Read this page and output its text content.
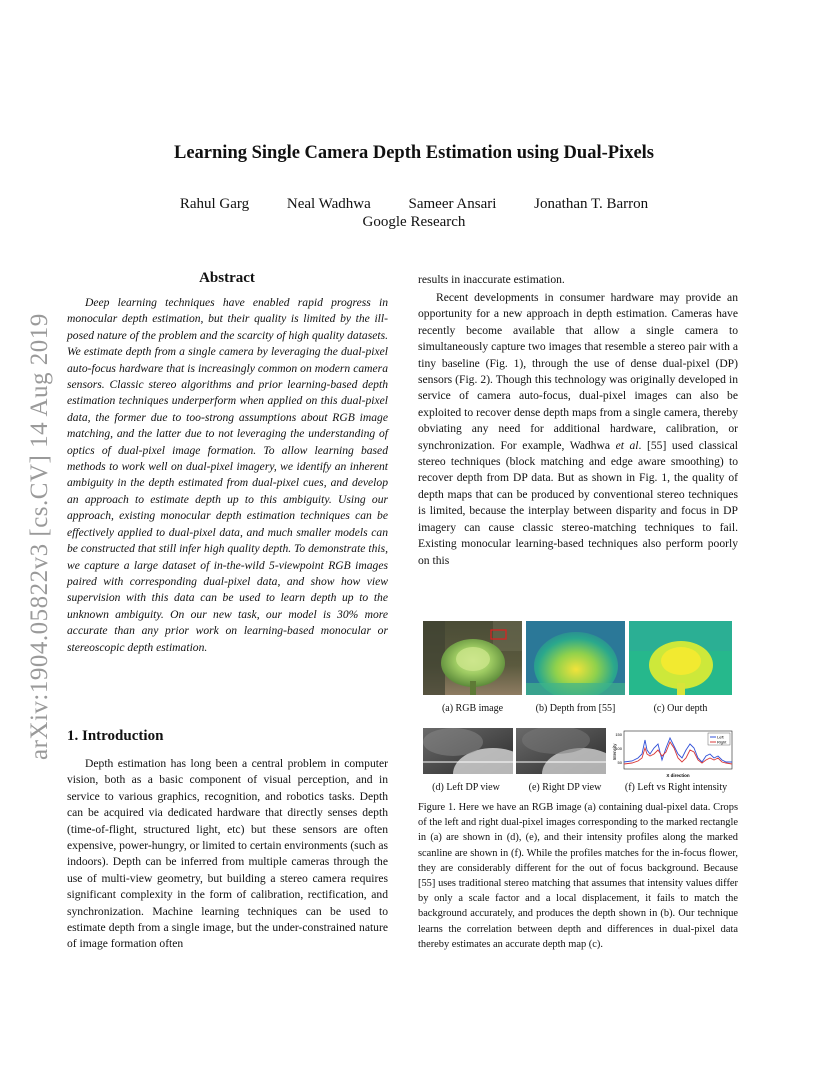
arXiv:1904.05822v3 [cs.CV] 14 Aug 2019
Learning Single Camera Depth Estimation using Dual-Pixels
Rahul Garg	Neal Wadhwa	Sameer Ansari	Jonathan T. Barron
Google Research
Abstract

Deep learning techniques have enabled rapid progress in monocular depth estimation, but their quality is limited by the ill-posed nature of the problem and the scarcity of high quality datasets. We estimate depth from a single camera by leveraging the dual-pixel auto-focus hardware that is increasingly common on modern camera sensors. Classic stereo algorithms and prior learning-based depth estimation techniques underperform when applied on this dual-pixel data, the former due to too-strong assumptions about RGB image matching, and the latter due to not leveraging the understanding of optics of dual-pixel image formation. To allow learning based methods to work well on dual-pixel imagery, we identify an inherent ambiguity in the depth estimated from dual-pixel cues, and develop an approach to estimate depth up to this ambiguity. Using our approach, existing monocular depth estimation techniques can be effectively applied to dual-pixel data, and much smaller models can be constructed that still infer high quality depth. To demonstrate this, we capture a large dataset of in-the-wild 5-viewpoint RGB images paired with corresponding dual-pixel data, and show how view supervision with this data can be used to learn depth up to the unknown ambiguity. On our new task, our model is 30% more accurate than any prior work on learning-based monocular or stereoscopic depth estimation.

1. Introduction

Depth estimation has long been a central problem in computer vision, both as a basic component of visual perception, and in service to various graphics, recognition, and robotics tasks. Depth can be acquired via dedicated hardware that directly senses depth (time-of-flight, structured light, etc) but these sensors are often expensive, power-hungry, or limited to certain environments (such as indoors). Depth can be inferred from multiple cameras through the use of multi-view geometry, but building a stereo camera requires significant complexity in the form of calibration, rectification, and synchronization. Machine learning techniques can be used to estimate depth from a single image, but the under-constrained nature of image formation often

results in inaccurate estimation.

Recent developments in consumer hardware may provide an opportunity for a new approach in depth estimation. Cameras have recently become available that allow a single camera to simultaneously capture two images that resemble a stereo pair with a tiny baseline (Fig. 1), through the use of dense dual-pixel (DP) sensors (Fig. 2). Though this technology was originally developed in service of camera auto-focus, dual-pixel images can also be exploited to recover dense depth maps from a single camera, thereby obviating any need for additional hardware, calibration, or synchronization. For example, Wadhwa et al. [55] used classical stereo techniques (block matching and edge aware smoothing) to recover depth from DP data. But as shown in Fig. 1, the quality of depth maps that can be produced by conventional stereo techniques is limited, because the interplay between disparity and focus in DP imagery can cause classic stereo-matching techniques to fail. Existing monocular learning-based techniques also perform poorly on this

(a) RGB image	(b) Depth from [55]	(c) Our depth
Intensity
150
100
50
Left
Right
X direction
(d) Left DP view	(e) Right DP view	(f) Left vs Right intensity

Figure 1. Here we have an RGB image (a) containing dual-pixel data. Crops of the left and right dual-pixel images corresponding to the marked rectangle in (a) are shown in (d), (e), and their intensity profiles along the marked scanline are shown in (f). While the profiles matches for the in-focus flower, they are considerably different for the out of focus background. Because [55] uses traditional stereo matching that assumes that intensity values differ by only a scale factor and a local displacement, it fails to match the background accurately, and produces the depth shown in (b). Our technique learns the correlation between depth and differences in dual-pixel data thereby estimates an accurate depth map (c).
